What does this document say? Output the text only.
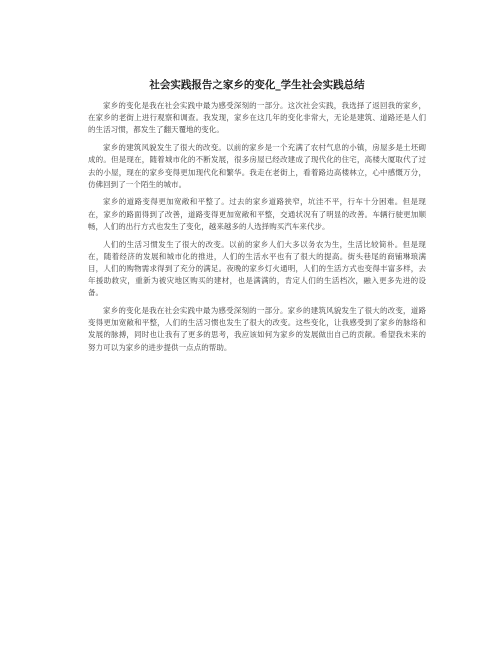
社会实践报告之家乡的变化_学生社会实践总结

家乡的变化是我在社会实践中最为感受深刻的一部分。这次社会实践，我选择了返回我的家乡，在家乡的老街上进行观察和调查。我发现，家乡在这几年的变化非常大，无论是建筑、道路还是人们的生活习惯，都发生了翻天覆地的变化。

家乡的建筑风貌发生了很大的改变。以前的家乡是一个充满了农村气息的小镇，房屋多是土坯砌成的。但是现在，随着城市化的不断发展，很多房屋已经改建成了现代化的住宅，高楼大厦取代了过去的小屋，现在的家乡变得更加现代化和繁华。我走在老街上，看着路边高楼林立，心中感慨万分，仿佛回到了一个陌生的城市。

家乡的道路变得更加宽敞和平整了。过去的家乡道路狭窄，坑洼不平，行车十分困难。但是现在，家乡的路面得到了改善，道路变得更加宽敞和平整，交通状况有了明显的改善。车辆行驶更加顺畅，人们的出行方式也发生了变化，越来越多的人选择购买汽车来代步。

人们的生活习惯发生了很大的改变。以前的家乡人们大多以务农为生，生活比较简朴。但是现在，随着经济的发展和城市化的推进，人们的生活水平也有了很大的提高。街头巷尾的商铺琳琅满目，人们的购物需求得到了充分的满足。夜晚的家乡灯火通明，人们的生活方式也变得丰富多样，去年援助救灾，重新为被灾地区购买的建材，也是满满的，肯定人们的生活档次，融入更多先进的设备。

家乡的变化是我在社会实践中最为感受深刻的一部分。家乡的建筑风貌发生了很大的改变，道路变得更加宽敞和平整，人们的生活习惯也发生了很大的改变。这些变化，让我感受到了家乡的脉络和发展的脉搏，同时也让我有了更多的思考，我应该如何为家乡的发展做出自己的贡献。希望我未来的努力可以为家乡的进步提供一点点的帮助。
